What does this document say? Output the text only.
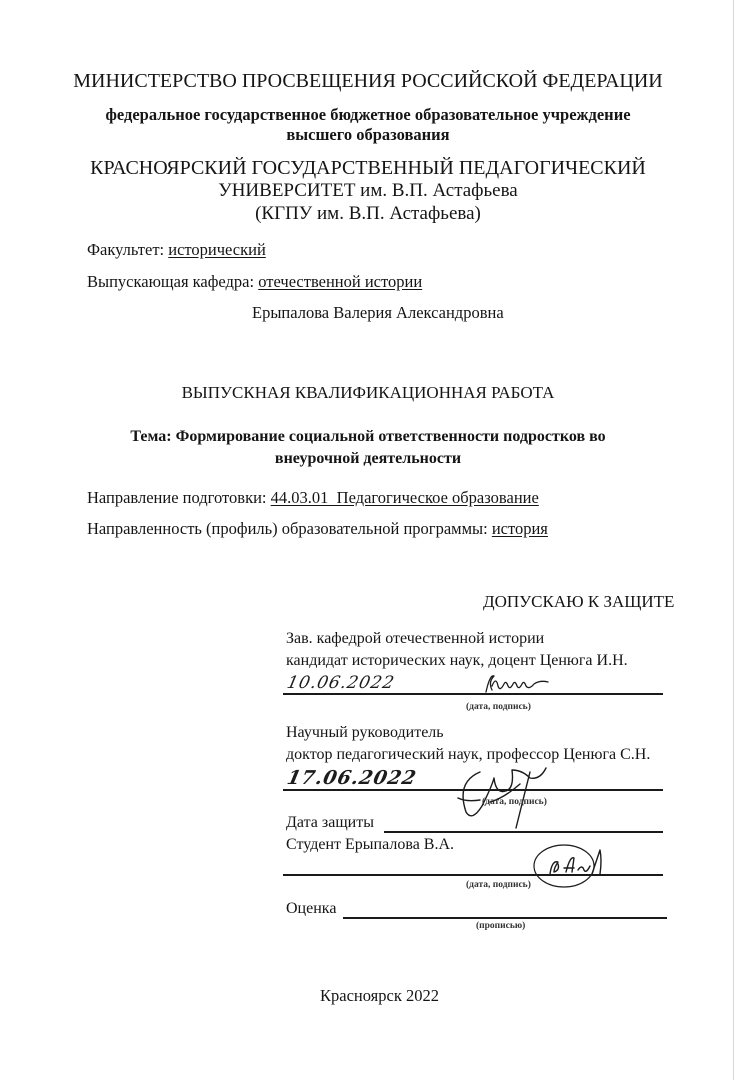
МИНИСТЕРСТВО ПРОСВЕЩЕНИЯ РОССИЙСКОЙ ФЕДЕРАЦИИ
федеральное государственное бюджетное образовательное учреждение
высшего образования
КРАСНОЯРСКИЙ ГОСУДАРСТВЕННЫЙ ПЕДАГОГИЧЕСКИЙ
УНИВЕРСИТЕТ им. В.П. Астафьева
(КГПУ им. В.П. Астафьева)
Факультет: исторический
Выпускающая кафедра: отечественной истории
Ерыпалова Валерия Александровна
ВЫПУСКНАЯ КВАЛИФИКАЦИОННАЯ РАБОТА
Тема: Формирование социальной ответственности подростков во
внеурочной деятельности
Направление подготовки: 44.03.01  Педагогическое образование
Направленность (профиль) образовательной программы: история
ДОПУСКАЮ К ЗАЩИТЕ
Зав. кафедрой отечественной истории
кандидат исторических наук, доцент Ценюга И.Н.
10.06.2022
(дата, подпись)
Научный руководитель
доктор педагогический наук, профессор Ценюга С.Н.
17.06.2022
(дата, подпись)
Дата защиты
Студент Ерыпалова В.А.
(дата, подпись)
Оценка
(прописью)
Красноярск 2022
